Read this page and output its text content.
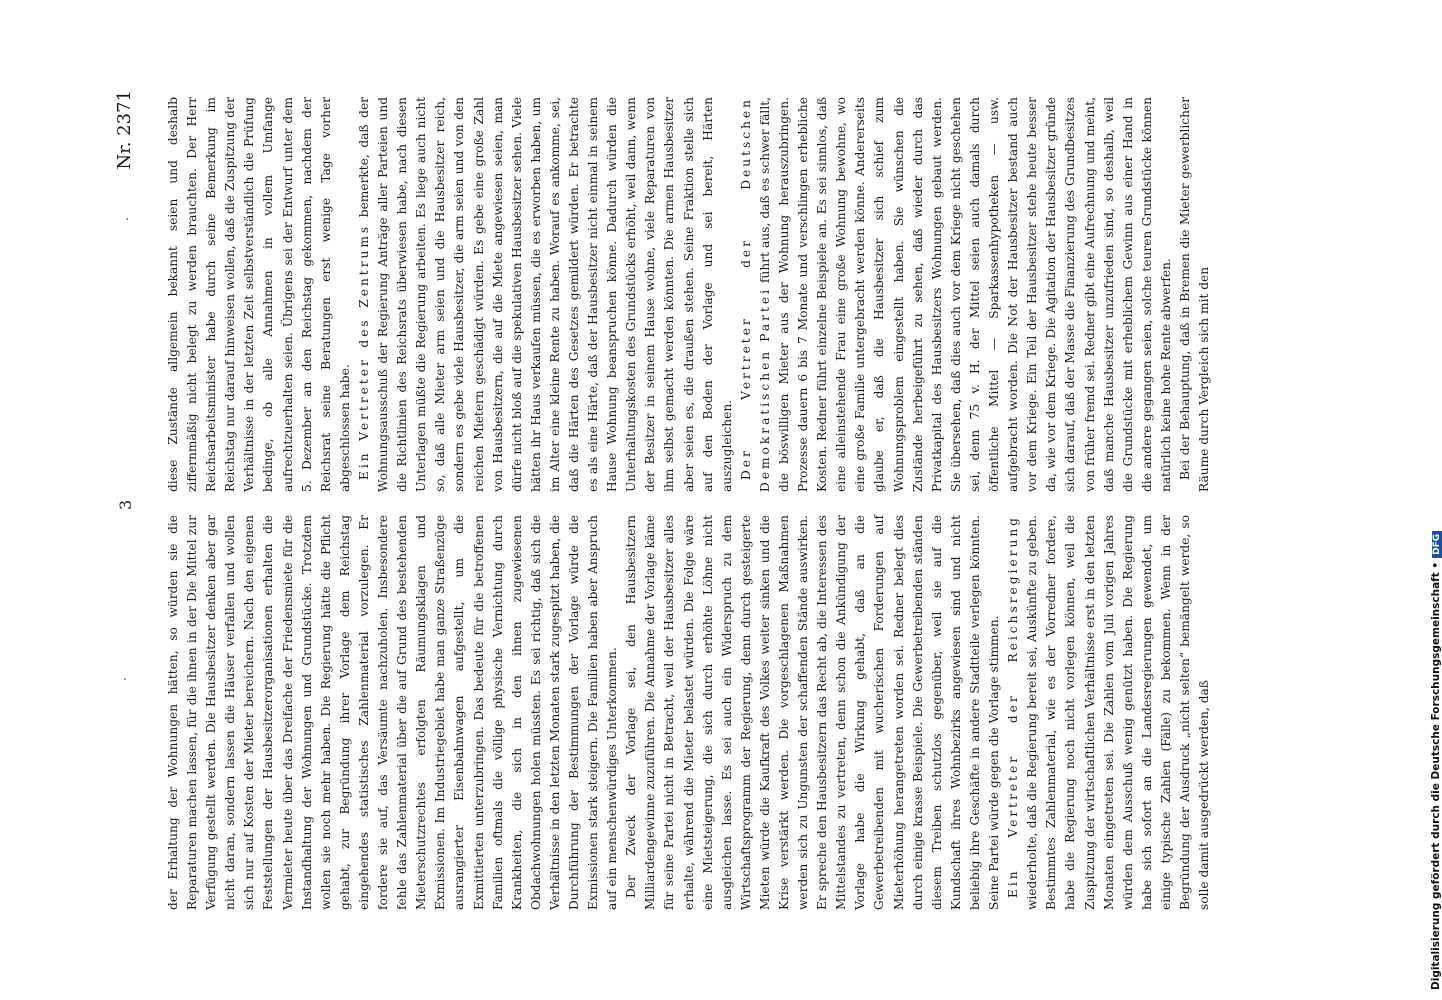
3
Nr. 2371

der Erhaltung der Wohnungen hätten, so würden sie die Reparaturen machen lassen, für die ihnen in der Die Mittel zur Verfügung gestellt werden. Die Hausbesitzer denken aber gar nicht daran, sondern lassen die Häuser verfallen und wollen sich nur auf Kosten der Mieter bereichern. Nach den eigenen Feststellungen der Hausbesitzerorganisationen erhalten die Vermieter heute über das Dreifache der Friedensmiete für die Instandhaltung der Wohnungen und Grundstücke. Trotzdem wollen sie noch mehr haben. Die Regierung hätte die Pflicht gehabt, zur Begründung ihrer Vorlage dem Reichstag eingehendes statistisches Zahlenmaterial vorzulegen. Er fordere sie auf, das Versäumte nachzuholen. Insbesondere fehle das Zahlenmaterial über die auf Grund des bestehenden Mieterschutzrechtes erfolgten Räumungsklagen und Exmissionen. Im Industriegebiet habe man ganze Straßenzüge ausrangierter Eisenbahnwagen aufgestellt, um die Exmittierten unterzubringen. Das bedeute für die betroffenen Familien oftmals die völlige physische Vernichtung durch Krankheiten, die sich in den ihnen zugewiesenen Obdachwohnungen holen müssten. Es sei richtig, daß sich die Verhältnisse in den letzten Monaten stark zugespitzt haben, die Durchführung der Bestimmungen der Vorlage würde die Exmissionen stark steigern. Die Familien haben aber Anspruch auf ein menschenwürdiges Unterkommen. Der Zweck der Vorlage sei, den Hausbesitzern Milliardengewinne zuzuführen. Die Annahme der Vorlage käme für seine Partei nicht in Betracht, weil der Hausbesitzer alles erhalte, während die Mieter belastet würden. Die Folge wäre eine Mietsteigerung, die sich durch erhöhte Löhne nicht ausgleichen lasse. Es sei auch ein Widerspruch zu dem Wirtschaftsprogramm der Regierung, denn durch gesteigerte Mieten würde die Kaufkraft des Volkes weiter sinken und die Krise verstärkt werden. Die vorgeschlagenen Maßnahmen werden sich zu Ungunsten der schaffenden Stände auswirken. Er spreche den Hausbesitzern das Recht ab, die Interessen des Mittelstandes zu vertreten, denn schon die Ankündigung der Vorlage habe die Wirkung gehabt, daß an die Gewerbetreibenden mit wucherischen Forderungen auf Mieterhöhung herangetreten worden sei. Redner belegt dies durch einige krasse Beispiele. Die Gewerbetreibenden ständen diesem Treiben schutzlos gegenüber, weil sie auf die Kundschaft ihres Wohnbezirks angewiesen sind und nicht beliebig ihre Geschäfte in andere Stadtteile verlegen könnten. Seine Partei würde gegen die Vorlage stimmen. Ein Vertreter der Reichsregierung wiederholte, daß die Regierung bereit sei, Auskünfte zu geben. Bestimmtes Zahlenmaterial, wie es der Vorredner fordere, habe die Regierung noch nicht vorlegen können, weil die Zuspitzung der wirtschaftlichen Verhältnisse erst in den letzten Monaten eingetreten sei. Die Zahlen vom Juli vorigen Jahres würden dem Ausschuß wenig genützt haben. Die Regierung habe sich sofort an die Landesregierungen gewendet, um einige typische Zahlen (Fälle) zu bekommen. Wenn in der Begründung der Ausdruck „nicht selten“ bemängelt werde, so solle damit ausgedrückt werden, daß

diese Zustände allgemein bekannt seien und deshalb ziffernmäßig nicht belegt zu werden brauchten. Der Herr Reichsarbeitsminister habe durch seine Bemerkung im Reichstag nur darauf hinweisen wollen, daß die Zuspitzung der Verhältnisse in der letzten Zeit selbstverständlich die Prüfung bedinge, ob alle Annahmen in vollem Umfange aufrechtzuerhalten seien. Übrigens sei der Entwurf unter dem 5. Dezember an den Reichstag gekommen, nachdem der Reichsrat seine Beratungen erst wenige Tage vorher abgeschlossen habe. Ein Vertreter des Zentrums bemerkte, daß der Wohnungsausschuß der Regierung Anträge aller Parteien und die Richtlinien des Reichsrats überwiesen habe, nach diesen Unterlagen müßte die Regierung arbeiten. Es liege auch nicht so, daß alle Mieter arm seien und die Hausbesitzer reich, sondern es gebe viele Hausbesitzer, die arm seien und von den reichen Mietern geschädigt würden. Es gebe eine große Zahl von Hausbesitzern, die auf die Miete angewiesen seien, man dürfe nicht bloß auf die spekulativen Hausbesitzer sehen. Viele hätten ihr Haus verkaufen müssen, die es erworben haben, um im Alter eine kleine Rente zu haben. Worauf es ankomme, sei, daß die Härten des Gesetzes gemildert würden. Er betrachte es als eine Härte, daß der Hausbesitzer nicht einmal in seinem Hause Wohnung beanspruchen könne. Dadurch würden die Unterhaltungskosten des Grundstücks erhöht, weil dann, wenn der Besitzer in seinem Hause wohne, viele Reparaturen von ihm selbst gemacht werden könnten. Die armen Hausbesitzer aber seien es, die draußen stehen. Seine Fraktion stelle sich auf den Boden der Vorlage und sei bereit, Härten auszugleichen. Der Vertreter der Deutschen Demokratischen Partei führt aus, daß es schwer fällt, die böswilligen Mieter aus der Wohnung herauszubringen. Prozesse dauern 6 bis 7 Monate und verschlingen erhebliche Kosten. Redner führt einzelne Beispiele an. Es sei sinnlos, daß eine alleinstehende Frau eine große Wohnung bewohne, wo eine große Familie untergebracht werden könne. Andererseits glaube er, daß die Hausbesitzer sich schief zum Wohnungsproblem eingestellt haben. Sie wünschen die Zustände herbeigeführt zu sehen, daß wieder durch das Privatkapital des Hausbesitzers Wohnungen gebaut werden. Sie übersehen, daß dies auch vor dem Kriege nicht geschehen sei, denn 75 v. H. der Mittel seien auch damals durch öffentliche Mittel — Sparkassenhypotheken — usw. aufgebracht worden. Die Not der Hausbesitzer bestand auch vor dem Kriege. Ein Teil der Hausbesitzer stehe heute besser da, wie vor dem Kriege. Die Agitation der Hausbesitzer gründe sich darauf, daß der Masse die Finanzierung des Grundbesitzes von früher fremd sei. Redner gibt eine Aufrechnung und meint, daß manche Hausbesitzer unzufrieden sind, so deshalb, weil die Grundstücke mit erheblichem Gewinn aus einer Hand in die andere gegangen seien, solche teuren Grundstücke können natürlich keine hohe Rente abwerfen. Bei der Behauptung, daß in Bremen die Mieter gewerblicher Räume durch Vergleich sich mit den

Digitalisierung gefördert durch die Deutsche Forschungsgemeinschaft •DFG
